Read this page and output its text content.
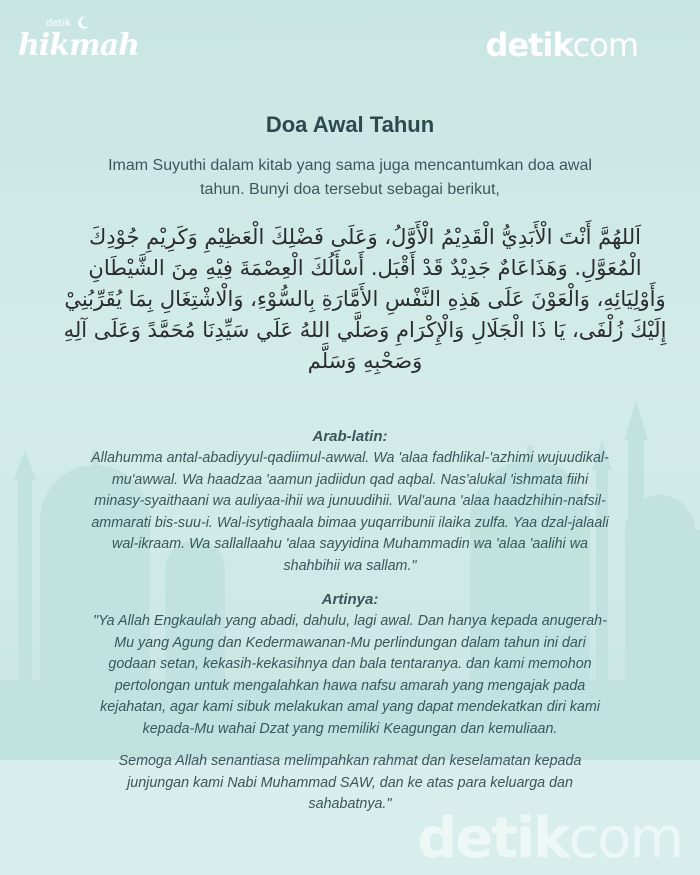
detik
hikmah	detikcom
detikcom
Doa Awal Tahun
Imam Suyuthi dalam kitab yang sama juga mencantumkan doa awal tahun. Bunyi doa tersebut sebagai berikut,
اَللهُمَّ أَنْتَ الْأَبَدِيُّ الْقَدِيْمُ الْأَوَّلُ، وَعَلَى فَضْلِكَ الْعَظِيْمِ وَكَرِيْمِ جُوْدِكَ الْمُعَوَّلِ. وَهَذَاعَامٌ جَدِيْدٌ قَدْ أَقْبَل. أَسْأَلُكَ الْعِصْمَةَ فِيْهِ مِنَ الشَّيْطَانِ وَأَوْلِيَائِهِ، وَالْعَوْنَ عَلَى هَذِهِ النَّفْسِ الأَمَّارَةِ بِالسُّوْءِ، وَالْاشْتِغَالِ بِمَا يُقَرِّبُنِيْ إِلَيْكَ زُلْفَى، يَا ذَا الْجَلَالِ وَالْإِكْرَامِ وَصَلَّي اللهُ عَلَي سَيِّدِنَا مُحَمَّدً وَعَلَى آلِهِ وَصَحْبِهِ وَسَلَّم
Arab-latin:
Allahumma antal-abadiyyul-qadiimul-awwal. Wa 'alaa fadhlikal-'azhimi wujuudikal-mu'awwal. Wa haadzaa 'aamun jadiidun qad aqbal. Nas'alukal 'ishmata fiihi minasy-syaithaani wa auliyaa-ihii wa junuudihii. Wal'auna 'alaa haadzhihin-nafsil-ammarati bis-suu-i. Wal-isytighaala bimaa yuqarribunii ilaika zulfa. Yaa dzal-jalaali wal-ikraam. Wa sallallaahu 'alaa sayyidina Muhammadin wa 'alaa 'aalihi wa shahbihii wa sallam."
Artinya:
"Ya Allah Engkaulah yang abadi, dahulu, lagi awal. Dan hanya kepada anugerah-Mu yang Agung dan Kedermawanan-Mu perlindungan dalam tahun ini dari godaan setan, kekasih-kekasihnya dan bala tentaranya. dan kami memohon pertolongan untuk mengalahkan hawa nafsu amarah yang mengajak pada kejahatan, agar kami sibuk melakukan amal yang dapat mendekatkan diri kami kepada-Mu wahai Dzat yang memiliki Keagungan dan kemuliaan.
Semoga Allah senantiasa melimpahkan rahmat dan keselamatan kepada junjungan kami Nabi Muhammad SAW, dan ke atas para keluarga dan sahabatnya."
